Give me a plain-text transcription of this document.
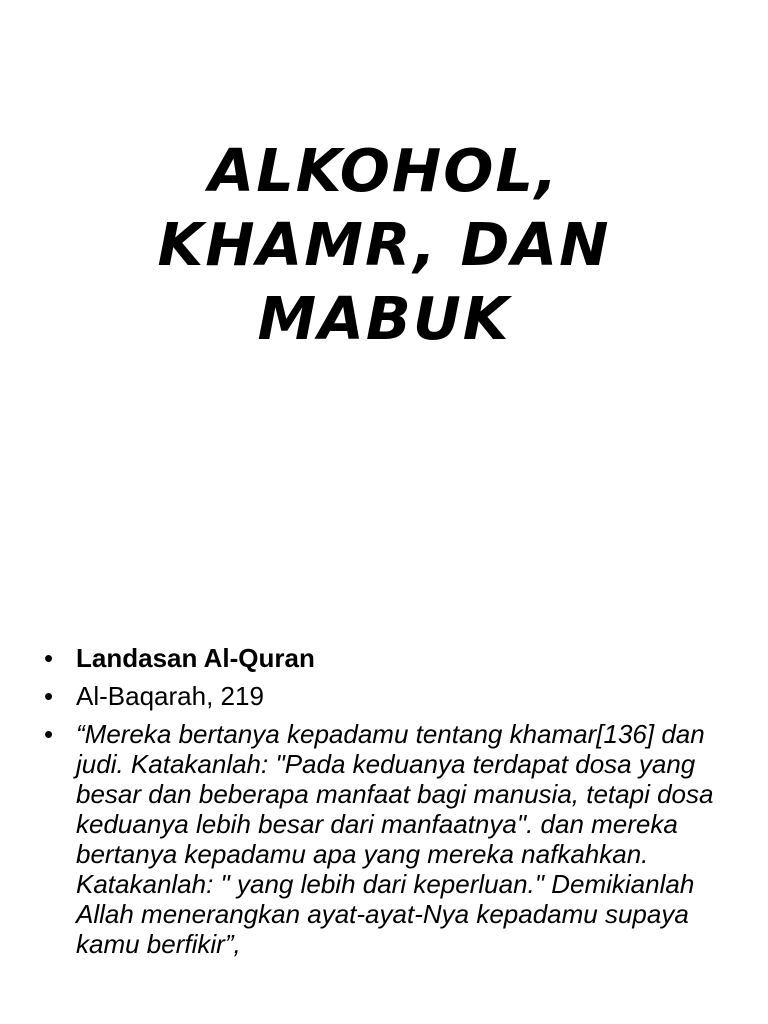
ALKOHOL,
KHAMR, DAN
MABUK
• Landasan Al-Quran
• Al-Baqarah, 219
• “Mereka bertanya kepadamu tentang khamar[136] dan judi. Katakanlah: "Pada keduanya terdapat dosa yang besar dan beberapa manfaat bagi manusia, tetapi dosa keduanya lebih besar dari manfaatnya". dan mereka bertanya kepadamu apa yang mereka nafkahkan. Katakanlah: " yang lebih dari keperluan." Demikianlah Allah menerangkan ayat-ayat-Nya kepadamu supaya kamu berfikir”,
